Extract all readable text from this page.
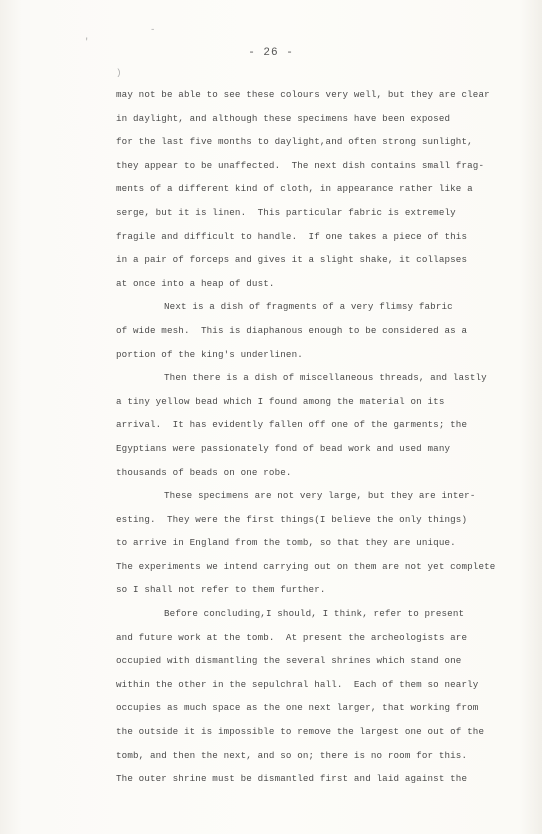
'
-
)
- 26 -
may not be able to see these colours very well, but they are clear
in daylight, and although these specimens have been exposed
for the last five months to daylight,and often strong sunlight,
they appear to be unaffected.  The next dish contains small frag-
ments of a different kind of cloth, in appearance rather like a
serge, but it is linen.  This particular fabric is extremely
fragile and difficult to handle.  If one takes a piece of this
in a pair of forceps and gives it a slight shake, it collapses
at once into a heap of dust.
Next is a dish of fragments of a very flimsy fabric
of wide mesh.  This is diaphanous enough to be considered as a
portion of the king's underlinen.
Then there is a dish of miscellaneous threads, and lastly
a tiny yellow bead which I found among the material on its
arrival.  It has evidently fallen off one of the garments; the
Egyptians were passionately fond of bead work and used many
thousands of beads on one robe.
These specimens are not very large, but they are inter-
esting.  They were the first things(I believe the only things)
to arrive in England from the tomb, so that they are unique.
The experiments we intend carrying out on them are not yet complete
so I shall not refer to them further.
Before concluding,I should, I think, refer to present
and future work at the tomb.  At present the archeologists are
occupied with dismantling the several shrines which stand one
within the other in the sepulchral hall.  Each of them so nearly
occupies as much space as the one next larger, that working from
the outside it is impossible to remove the largest one out of the
tomb, and then the next, and so on; there is no room for this.
The outer shrine must be dismantled first and laid against the
